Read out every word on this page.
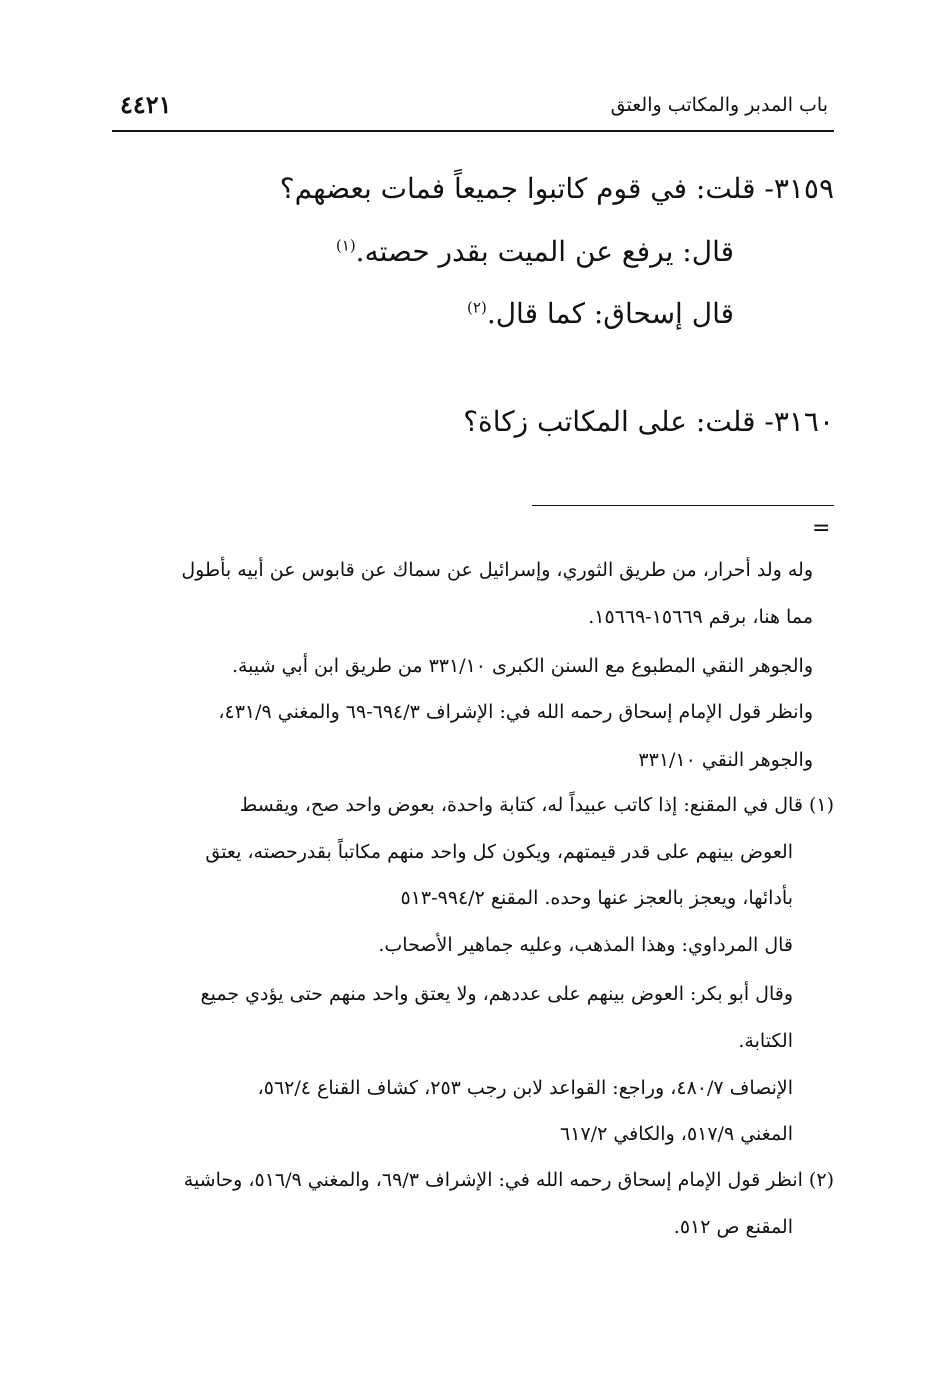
باب المدبر والمكاتب والعتق
٤٤٢١
٣١٥٩- قلت: في قوم كاتبوا جميعاً فمات بعضهم؟
قال: يرفع عن الميت بقدر حصته.$^{(١)}$
قال إسحاق: كما قال.$^{(٢)}$
٣١٦٠- قلت: على المكاتب زكاة؟
=
وله ولد أحرار، من طريق الثوري، وإسرائيل عن سماك عن قابوس عن أبيه بأطول
مما هنا، برقم ١٥٦٦٩-١٥٦٦٩.
والجوهر النقي المطبوع مع السنن الكبرى ٣٣١/١٠ من طريق ابن أبي شيبة.
وانظر قول الإمام إسحاق رحمه الله في: الإشراف ٦٩٤/٣-٦٩ والمغني ٤٣١/٩،
والجوهر النقي ٣٣١/١٠
(١) قال في المقنع: إذا كاتب عبيداً له، كتابة واحدة، بعوض واحد صح، ويقسط
العوض بينهم على قدر قيمتهم، ويكون كل واحد منهم مكاتباً بقدرحصته، يعتق
بأدائها، ويعجز بالعجز عنها وحده. المقنع ٩٩٤/٢-٥١٣
قال المرداوي: وهذا المذهب، وعليه جماهير الأصحاب.
وقال أبو بكر: العوض بينهم على عددهم، ولا يعتق واحد منهم حتى يؤدي جميع
الكتابة.
الإنصاف ٤٨٠/٧، وراجع: القواعد لابن رجب ٢٥٣، كشاف القناع ٥٦٢/٤،
المغني ٥١٧/٩، والكافي ٦١٧/٢
(٢) انظر قول الإمام إسحاق رحمه الله في: الإشراف ٦٩/٣، والمغني ٥١٦/٩، وحاشية
المقنع ص ٥١٢.
